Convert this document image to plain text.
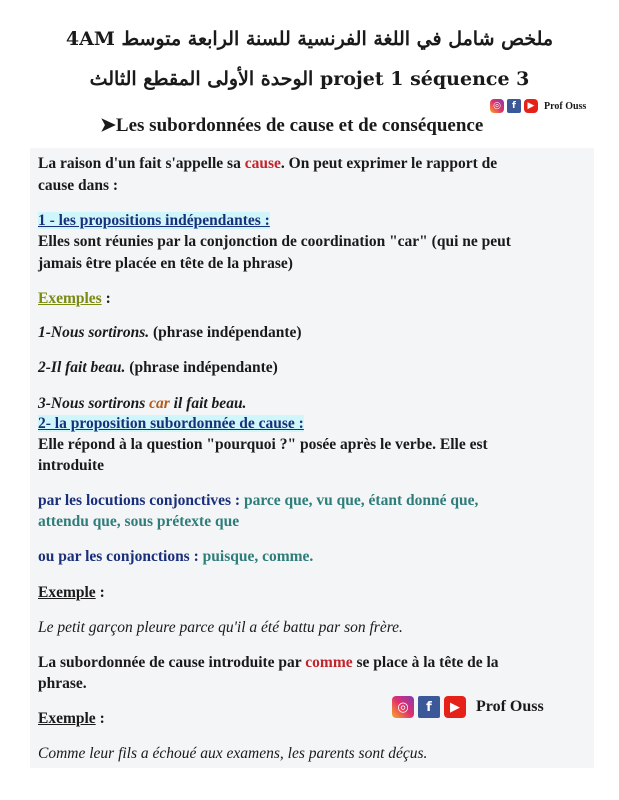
ملخص شامل في اللغة الفرنسية للسنة الرابعة متوسط 4AM
الوحدة الأولى المقطع الثالث projet 1 séquence 3
◎	f	▶ Prof Ouss
➤Les subordonnées de cause et de conséquence
La raison d'un fait s'appelle sa cause. On peut exprimer le rapport de
cause dans :
1 - les propositions indépendantes :
Elles sont réunies par la conjonction de coordination "car" (qui ne peut
jamais être placée en tête de la phrase)
Exemples :
1-Nous sortirons. (phrase indépendante)
2-Il fait beau. (phrase indépendante)
3-Nous sortirons car il fait beau.
2- la proposition subordonnée de cause :
Elle répond à la question "pourquoi ?" posée après le verbe. Elle est
introduite
par les locutions conjonctives : parce que, vu que, étant donné que,
attendu que, sous prétexte que
ou par les conjonctions : puisque, comme.
Exemple :
Le petit garçon pleure parce qu'il a été battu par son frère.
La subordonnée de cause introduite par comme se place à la tête de la
phrase.
◎	f	▶	Prof Ouss
Exemple :
Comme leur fils a échoué aux examens, les parents sont déçus.
